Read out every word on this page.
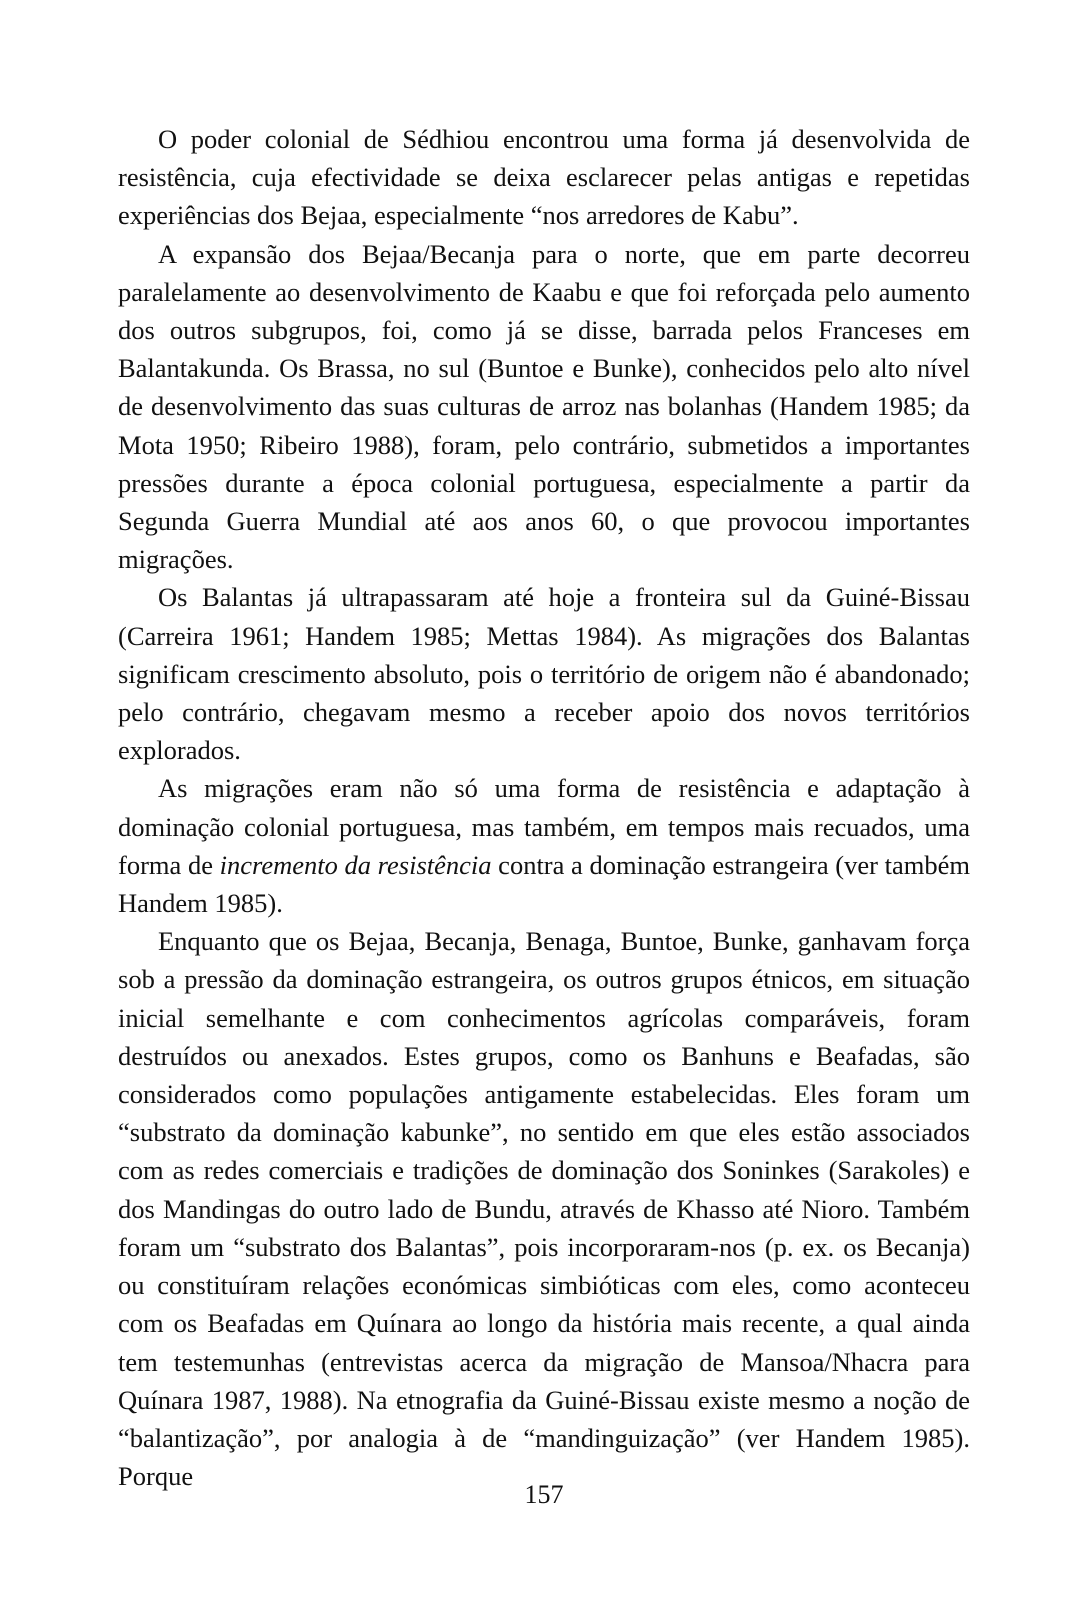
O poder colonial de Sédhiou encontrou uma forma já desenvolvida de resistência, cuja efectividade se deixa esclarecer pelas antigas e repetidas experiências dos Bejaa, especialmente “nos arredores de Kabu”.

A expansão dos Bejaa/Becanja para o norte, que em parte decorreu paralelamente ao desenvolvimento de Kaabu e que foi reforçada pelo aumento dos outros subgrupos, foi, como já se disse, barrada pelos Franceses em Balantakunda. Os Brassa, no sul (Buntoe e Bunke), conhecidos pelo alto nível de desenvolvimento das suas culturas de arroz nas bolanhas (Handem 1985; da Mota 1950; Ribeiro 1988), foram, pelo contrário, submetidos a importantes pressões durante a época colonial portuguesa, especialmente a partir da Segunda Guerra Mundial até aos anos 60, o que provocou importantes migrações.

Os Balantas já ultrapassaram até hoje a fronteira sul da Guiné-Bissau (Carreira 1961; Handem 1985; Mettas 1984). As migrações dos Balantas significam crescimento absoluto, pois o território de origem não é abandonado; pelo contrário, chegavam mesmo a receber apoio dos novos territórios explorados.

As migrações eram não só uma forma de resistência e adaptação à dominação colonial portuguesa, mas também, em tempos mais recuados, uma forma de incremento da resistência contra a dominação estrangeira (ver também Handem 1985).

Enquanto que os Bejaa, Becanja, Benaga, Buntoe, Bunke, ganhavam força sob a pressão da dominação estrangeira, os outros grupos étnicos, em situação inicial semelhante e com conhecimentos agrícolas comparáveis, foram destruídos ou anexados. Estes grupos, como os Banhuns e Beafadas, são considerados como populações antigamente estabelecidas. Eles foram um “substrato da dominação kabunke”, no sentido em que eles estão associados com as redes comerciais e tradições de dominação dos Soninkes (Sarakoles) e dos Mandingas do outro lado de Bundu, através de Khasso até Nioro. Também foram um “substrato dos Balantas”, pois incorporaram-nos (p. ex. os Becanja) ou constituíram relações económicas simbióticas com eles, como aconteceu com os Beafadas em Quínara ao longo da história mais recente, a qual ainda tem testemunhas (entrevistas acerca da migração de Mansoa/Nhacra para Quínara 1987, 1988). Na etnografia da Guiné-Bissau existe mesmo a noção de “balantização”, por analogia à de “mandinguização” (ver Handem 1985). Porque

157
